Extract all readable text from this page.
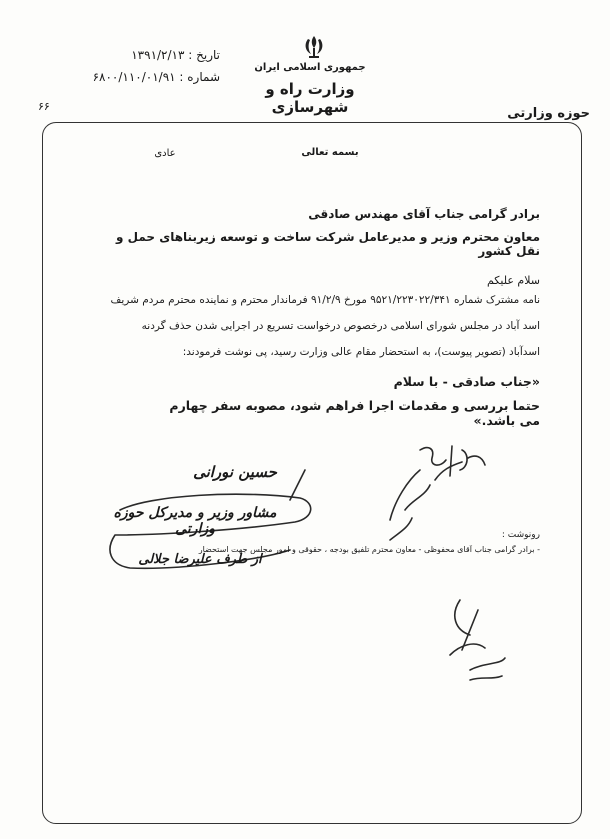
جمهوری اسلامی ایران
وزارت راه و شهرسازی
تاریخ : ۱۳۹۱/۲/۱۳
شماره : ۶۸۰۰/۱۱۰/۰۱/۹۱
حوزه وزارتی
۶۶
بسمه تعالی
عادی
برادر گرامی جناب آقای مهندس صادقی
معاون محترم وزیر و مدیرعامل شرکت ساخت و توسعه زیربناهای حمل و نقل کشور
سلام علیکم
نامه مشترک شماره ۹۵۲۱/۲۲۳۰۲۲/۳۴۱ مورخ ۹۱/۲/۹ فرماندار محترم و نماینده محترم مردم شریف
اسد آباد در مجلس شورای اسلامی درخصوص درخواست تسریع در اجرایی شدن حذف گردنه
اسدآباد (تصویر پیوست)، به استحضار مقام عالی وزارت رسید، پی نوشت فرمودند:
«جناب صادقی - با سلام
حتما بررسی و مقدمات اجرا فراهم شود، مصوبه سفر چهارم می باشد.»
حسین نورانی
مشاور وزیر و مدیرکل حوزه وزارتی
از طرف علیرضا جلالی
رونوشت :
- برادر گرامی جناب آقای محفوظی - معاون محترم تلفیق بودجه ، حقوقی و امور مجلس جهت استحضار
